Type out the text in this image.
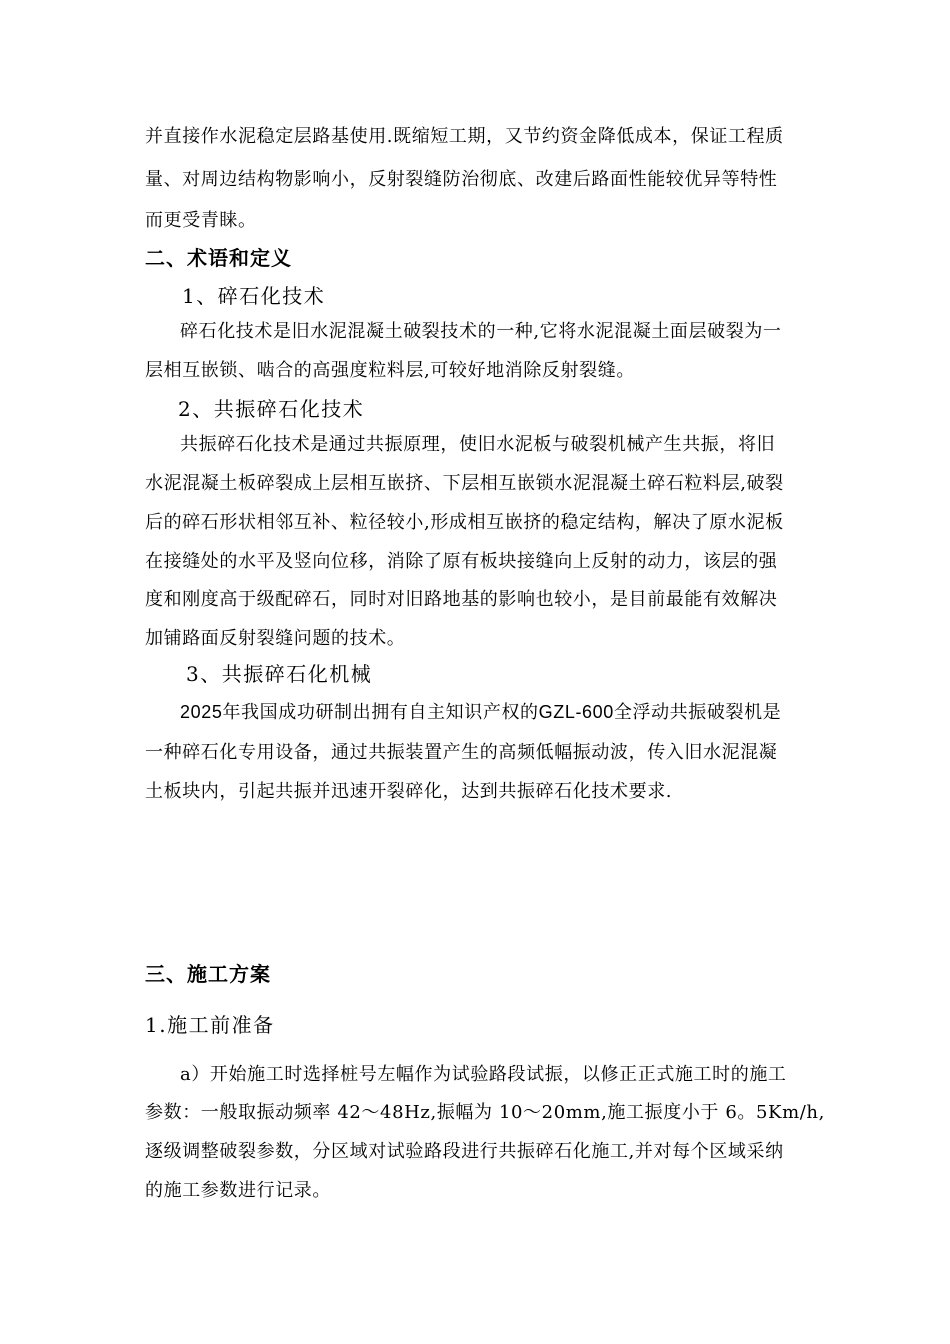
并直接作水泥稳定层路基使用.既缩短工期，又节约资金降低成本，保证工程质
量、对周边结构物影响小，反射裂缝防治彻底、改建后路面性能较优异等特性
而更受青睐。
二、术语和定义
1、碎石化技术
碎石化技术是旧水泥混凝土破裂技术的一种,它将水泥混凝土面层破裂为一
层相互嵌锁、啮合的高强度粒料层,可较好地消除反射裂缝。
2、共振碎石化技术
共振碎石化技术是通过共振原理，使旧水泥板与破裂机械产生共振，将旧
水泥混凝土板碎裂成上层相互嵌挤、下层相互嵌锁水泥混凝土碎石粒料层,破裂
后的碎石形状相邻互补、粒径较小,形成相互嵌挤的稳定结构，解决了原水泥板
在接缝处的水平及竖向位移，消除了原有板块接缝向上反射的动力，该层的强
度和刚度高于级配碎石，同时对旧路地基的影响也较小，是目前最能有效解决
加铺路面反射裂缝问题的技术。
3、共振碎石化机械
2025年我国成功研制出拥有自主知识产权的GZL-600全浮动共振破裂机是
一种碎石化专用设备，通过共振装置产生的高频低幅振动波，传入旧水泥混凝
土板块内，引起共振并迅速开裂碎化，达到共振碎石化技术要求.
三、施工方案
1.施工前准备
a）开始施工时选择桩号左幅作为试验路段试振，以修正正式施工时的施工
参数：一般取振动频率 42～48Hz,振幅为 10～20mm,施工振度小于 6。5Km/h,
逐级调整破裂参数，分区域对试验路段进行共振碎石化施工,并对每个区域采纳
的施工参数进行记录。
